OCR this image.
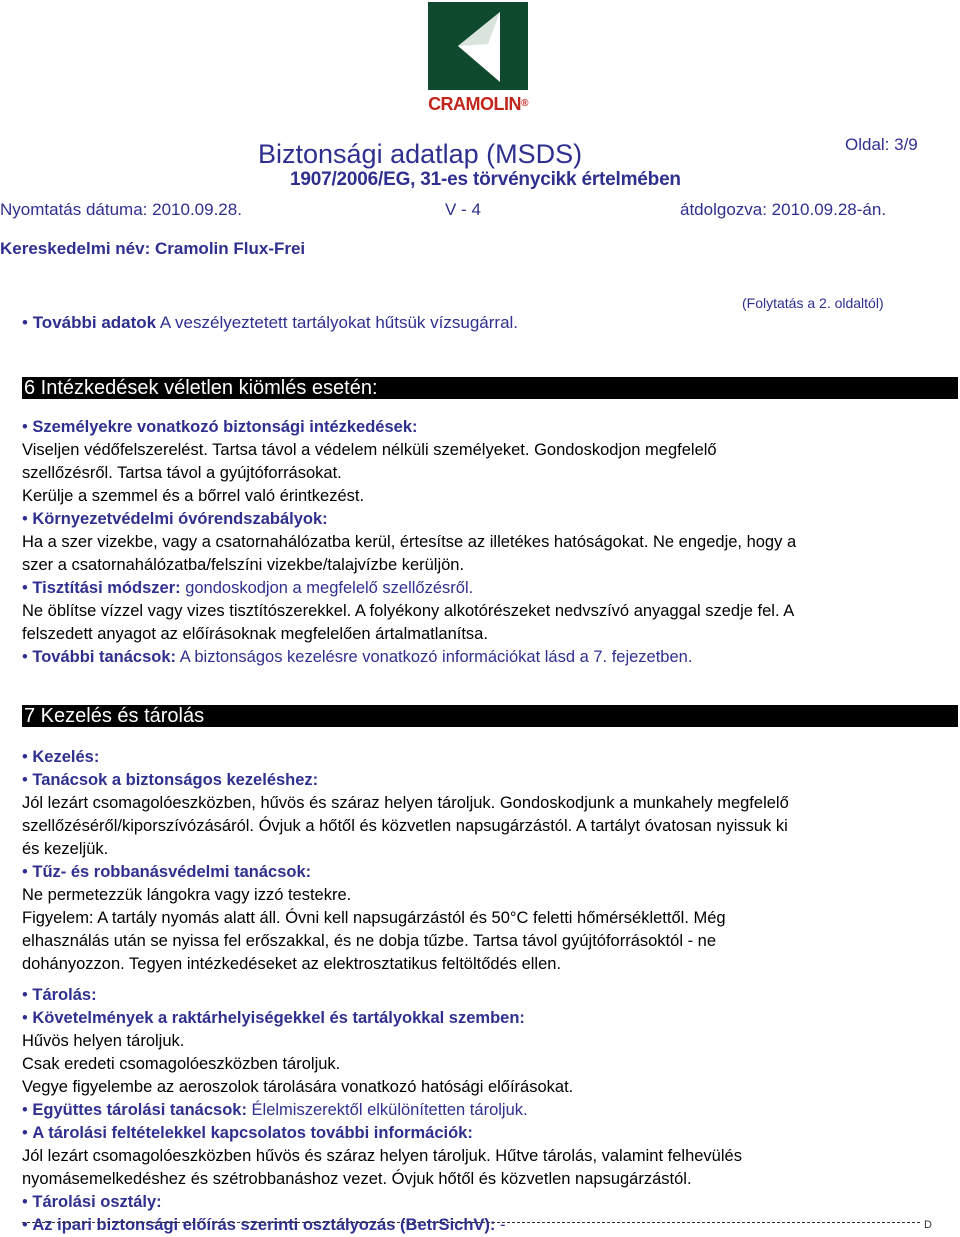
CRAMOLIN®
Biztonsági adatlap (MSDS)
1907/2006/EG, 31-es törvénycikk értelmében
Oldal: 3/9
Nyomtatás dátuma: 2010.09.28.	V - 4	átdolgozva: 2010.09.28-án.
Kereskedelmi név: Cramolin Flux-Frei
(Folytatás a 2. oldaltól)
• További adatok A veszélyeztetett tartályokat hűtsük vízsugárral.
6 Intézkedések véletlen kiömlés esetén:
• Személyekre vonatkozó biztonsági intézkedések:
Viseljen védőfelszerelést. Tartsa távol a védelem nélküli személyeket. Gondoskodjon megfelelő
szellőzésről. Tartsa távol a gyújtóforrásokat.
Kerülje a szemmel és a bőrrel való érintkezést.
• Környezetvédelmi óvórendszabályok:
Ha a szer vizekbe, vagy a csatornahálózatba kerül, értesítse az illetékes hatóságokat. Ne engedje, hogy a
szer a csatornahálózatba/felszíni vizekbe/talajvízbe kerüljön.
• Tisztítási módszer: gondoskodjon a megfelelő szellőzésről.
Ne öblítse vízzel vagy vizes tisztítószerekkel. A folyékony alkotórészeket nedvszívó anyaggal szedje fel. A
felszedett anyagot az előírásoknak megfelelően ártalmatlanítsa.
• További tanácsok: A biztonságos kezelésre vonatkozó információkat lásd a 7. fejezetben.
7 Kezelés és tárolás
• Kezelés:
• Tanácsok a biztonságos kezeléshez:
Jól lezárt csomagolóeszközben, hűvös és száraz helyen tároljuk. Gondoskodjunk a munkahely megfelelő
szellőzéséről/kiporszívózásáról. Óvjuk a hőtől és közvetlen napsugárzástól. A tartályt óvatosan nyissuk ki
és kezeljük.
• Tűz- és robbanásvédelmi tanácsok:
Ne permetezzük lángokra vagy izzó testekre.
Figyelem: A tartály nyomás alatt áll. Óvni kell napsugárzástól és 50°C feletti hőmérséklettől. Még
elhasználás után se nyissa fel erőszakkal, és ne dobja tűzbe. Tartsa távol gyújtóforrásoktól - ne
dohányozzon. Tegyen intézkedéseket az elektrosztatikus feltöltődés ellen.
• Tárolás:
• Követelmények a raktárhelyiségekkel és tartályokkal szemben:
Hűvös helyen tároljuk.
Csak eredeti csomagolóeszközben tároljuk.
Vegye figyelembe az aeroszolok tárolására vonatkozó hatósági előírásokat.
• Együttes tárolási tanácsok: Élelmiszerektől elkülönítetten tároljuk.
• A tárolási feltételekkel kapcsolatos további információk:
Jól lezárt csomagolóeszközben hűvös és száraz helyen tároljuk. Hűtve tárolás, valamint felhevülés
nyomásemelkedéshez és szétrobbanáshoz vezet. Óvjuk hőtől és közvetlen napsugárzástól.
• Tárolási osztály:
• Az ipari biztonsági előírás szerinti osztályozás (BetrSichV): -	D
